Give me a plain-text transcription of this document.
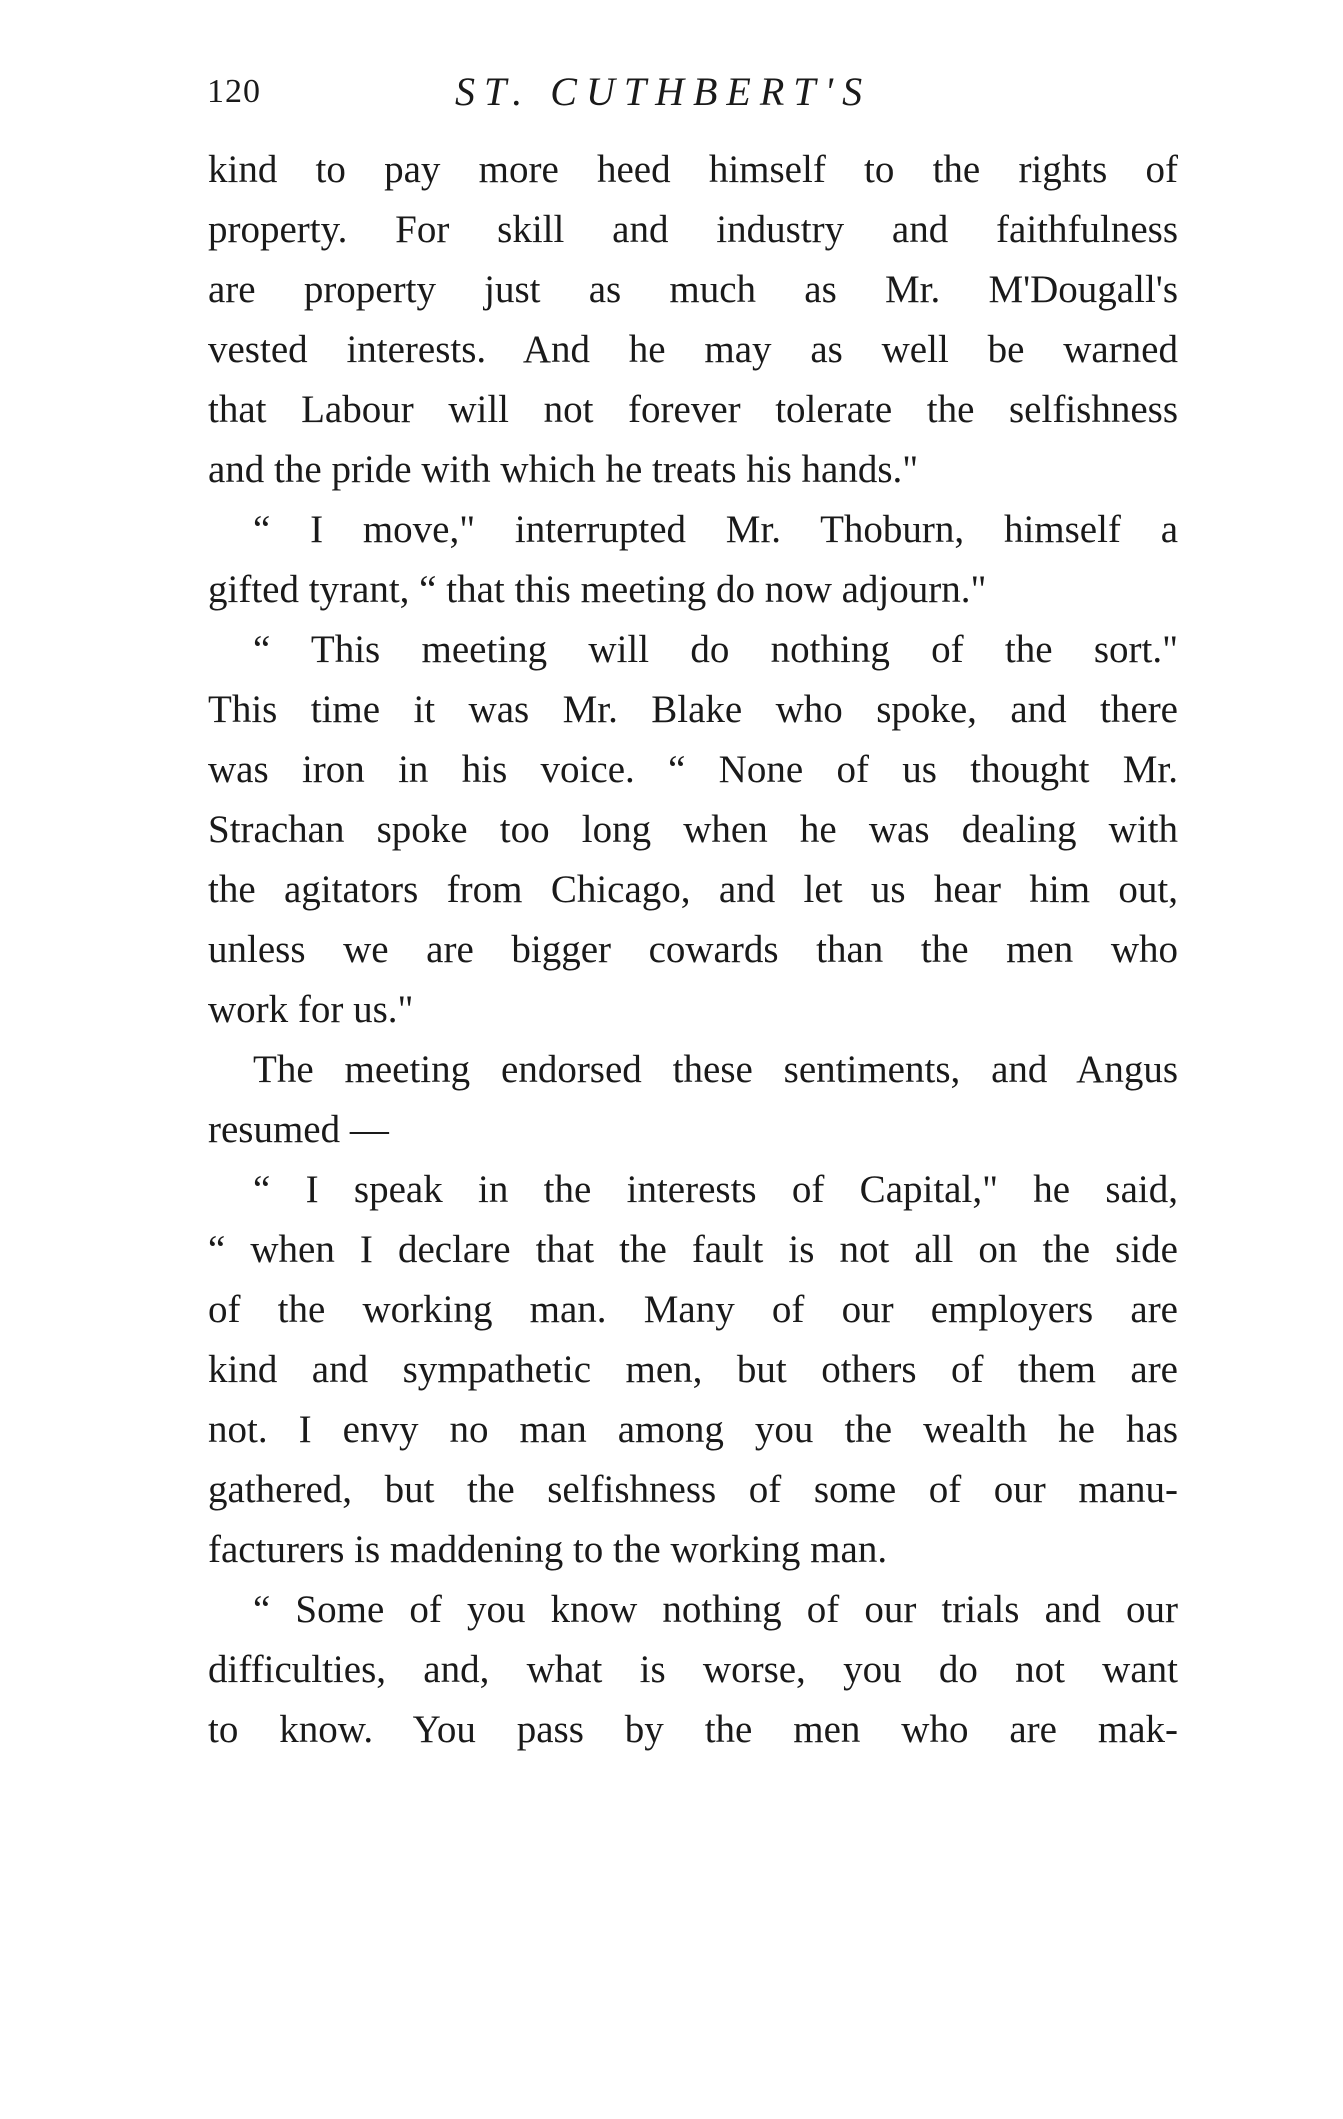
120	ST. CUTHBERT'S
kind to pay more heed himself to the rights of
property. For skill and industry and faithfulness
are property just as much as Mr. M'Dougall's
vested interests. And he may as well be warned
that Labour will not forever tolerate the selfishness
and the pride with which he treats his hands."
“ I move," interrupted Mr. Thoburn, himself a
gifted tyrant, “ that this meeting do now adjourn."
“ This meeting will do nothing of the sort."
This time it was Mr. Blake who spoke, and there
was iron in his voice. “ None of us thought Mr.
Strachan spoke too long when he was dealing with
the agitators from Chicago, and let us hear him out,
unless we are bigger cowards than the men who
work for us."
The meeting endorsed these sentiments, and Angus
resumed —
“ I speak in the interests of Capital," he said,
“ when I declare that the fault is not all on the side
of the working man. Many of our employers are
kind and sympathetic men, but others of them are
not. I envy no man among you the wealth he has
gathered, but the selfishness of some of our manu-
facturers is maddening to the working man.
“ Some of you know nothing of our trials and our
difficulties, and, what is worse, you do not want
to know. You pass by the men who are mak-
